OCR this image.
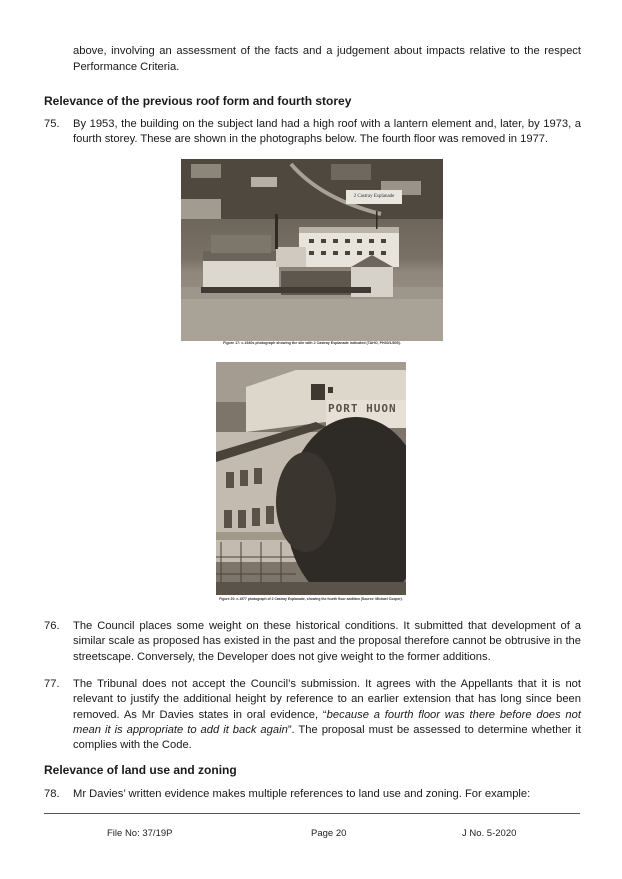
above, involving an assessment of the facts and a judgement about impacts relative to the respect Performance Criteria.
Relevance of the previous roof form and fourth storey
75.	By 1953, the building on the subject land had a high roof with a lantern element and, later, by 1973, a fourth storey. These are shown in the photographs below. The fourth floor was removed in 1977.
2 Castray Esplanade
Figure 17: c.1940s photograph showing the site with 2 Castray Esplanade indicated (TAHO, PH30/1/805).
PORT HUON
Figure 20: c.1977 photograph of 2 Castray Esplanade, showing the fourth floor addition (Source: Michael Cooper).
76.	The Council places some weight on these historical conditions. It submitted that development of a similar scale as proposed has existed in the past and the proposal therefore cannot be obtrusive in the streetscape. Conversely, the Developer does not give weight to the former additions.
77.	The Tribunal does not accept the Council’s submission. It agrees with the Appellants that it is not relevant to justify the additional height by reference to an earlier extension that has long since been removed. As Mr Davies states in oral evidence, “because a fourth floor was there before does not mean it is appropriate to add it back again”. The proposal must be assessed to determine whether it complies with the Code.
Relevance of land use and zoning
78.	Mr Davies’ written evidence makes multiple references to land use and zoning. For example:
File No: 37/19P	Page 20	J No. 5-2020
